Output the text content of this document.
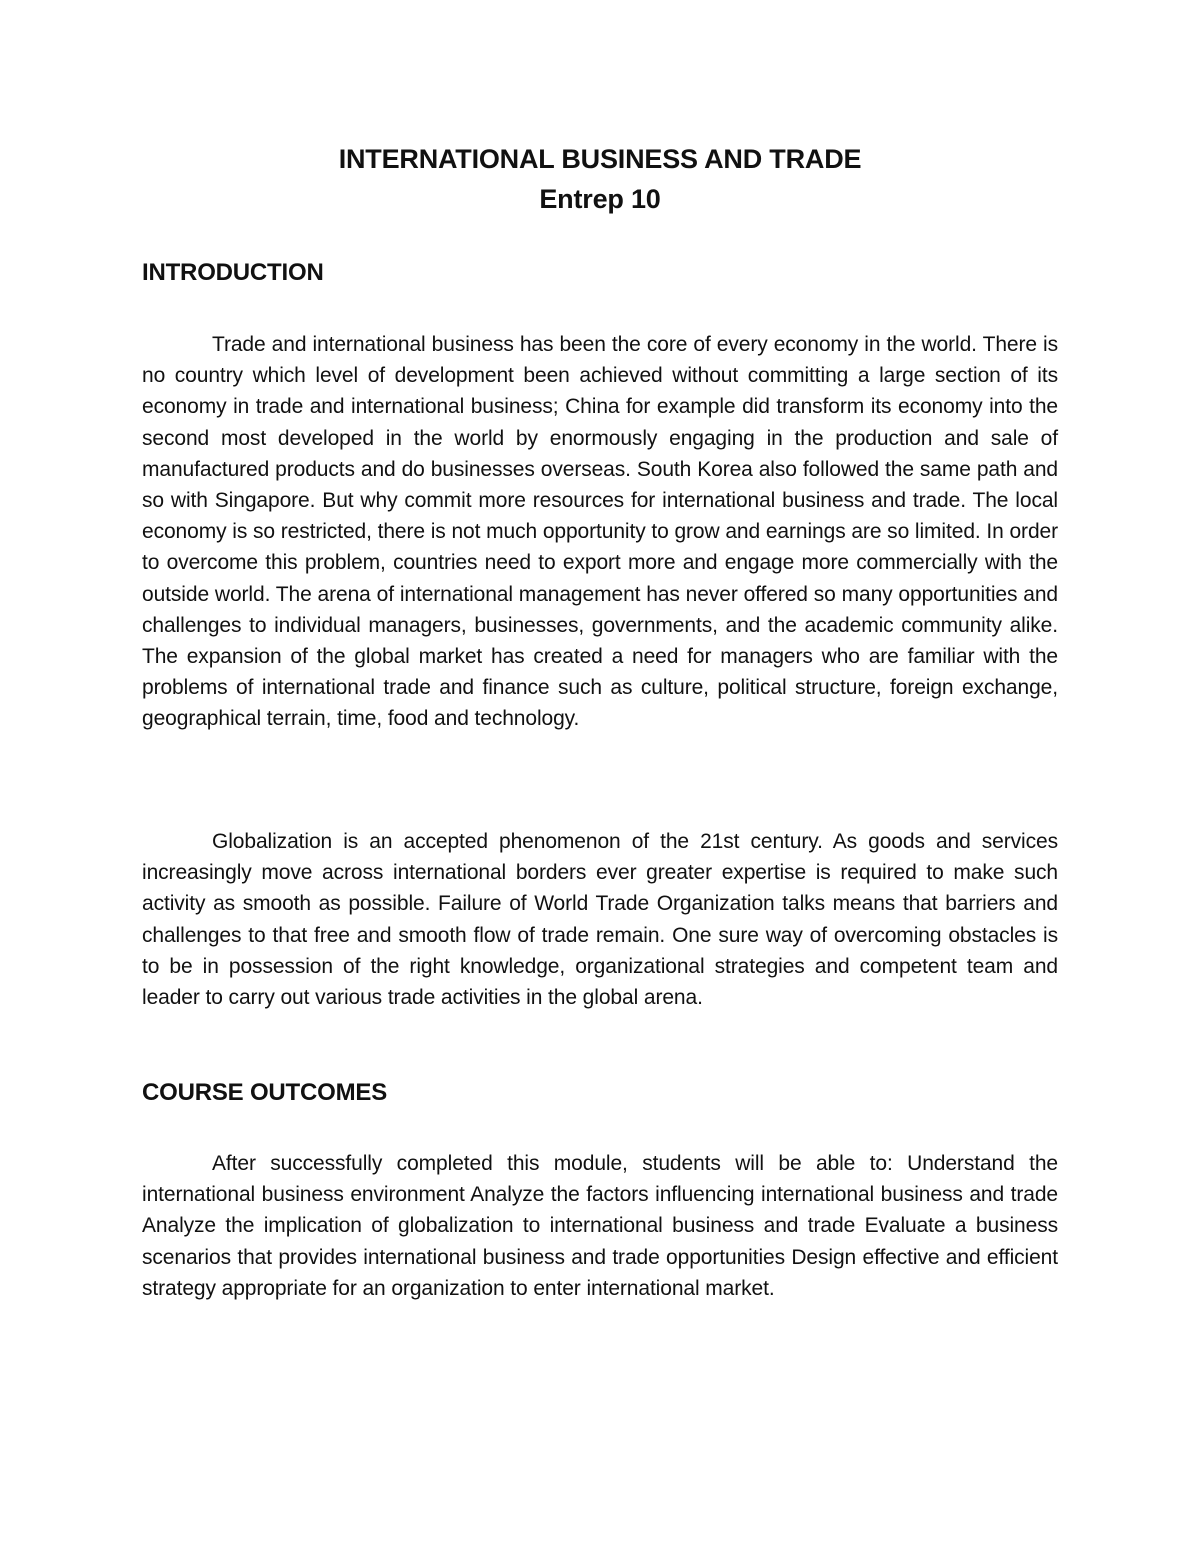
INTERNATIONAL BUSINESS AND TRADE
Entrep 10
INTRODUCTION

Trade and international business has been the core of every economy in the world. There is no country which level of development been achieved without committing a large section of its economy in trade and international business; China for example did transform its economy into the second most developed in the world by enormously engaging in the production and sale of manufactured products and do businesses overseas. South Korea also followed the same path and so with Singapore. But why commit more resources for international business and trade. The local economy is so restricted, there is not much opportunity to grow and earnings are so limited. In order to overcome this problem, countries need to export more and engage more commercially with the outside world. The arena of international management has never offered so many opportunities and challenges to individual managers, businesses, governments, and the academic community alike. The expansion of the global market has created a need for managers who are familiar with the problems of international trade and finance such as culture, political structure, foreign exchange, geographical terrain, time, food and technology.

Globalization is an accepted phenomenon of the 21st century. As goods and services increasingly move across international borders ever greater expertise is required to make such activity as smooth as possible. Failure of World Trade Organization talks means that barriers and challenges to that free and smooth flow of trade remain. One sure way of overcoming obstacles is to be in possession of the right knowledge, organizational strategies and competent team and leader to carry out various trade activities in the global arena.

COURSE OUTCOMES

After successfully completed this module, students will be able to: Understand the international business environment Analyze the factors influencing international business and trade Analyze the implication of globalization to international business and trade Evaluate a business scenarios that provides international business and trade opportunities Design effective and efficient strategy appropriate for an organization to enter international market.
